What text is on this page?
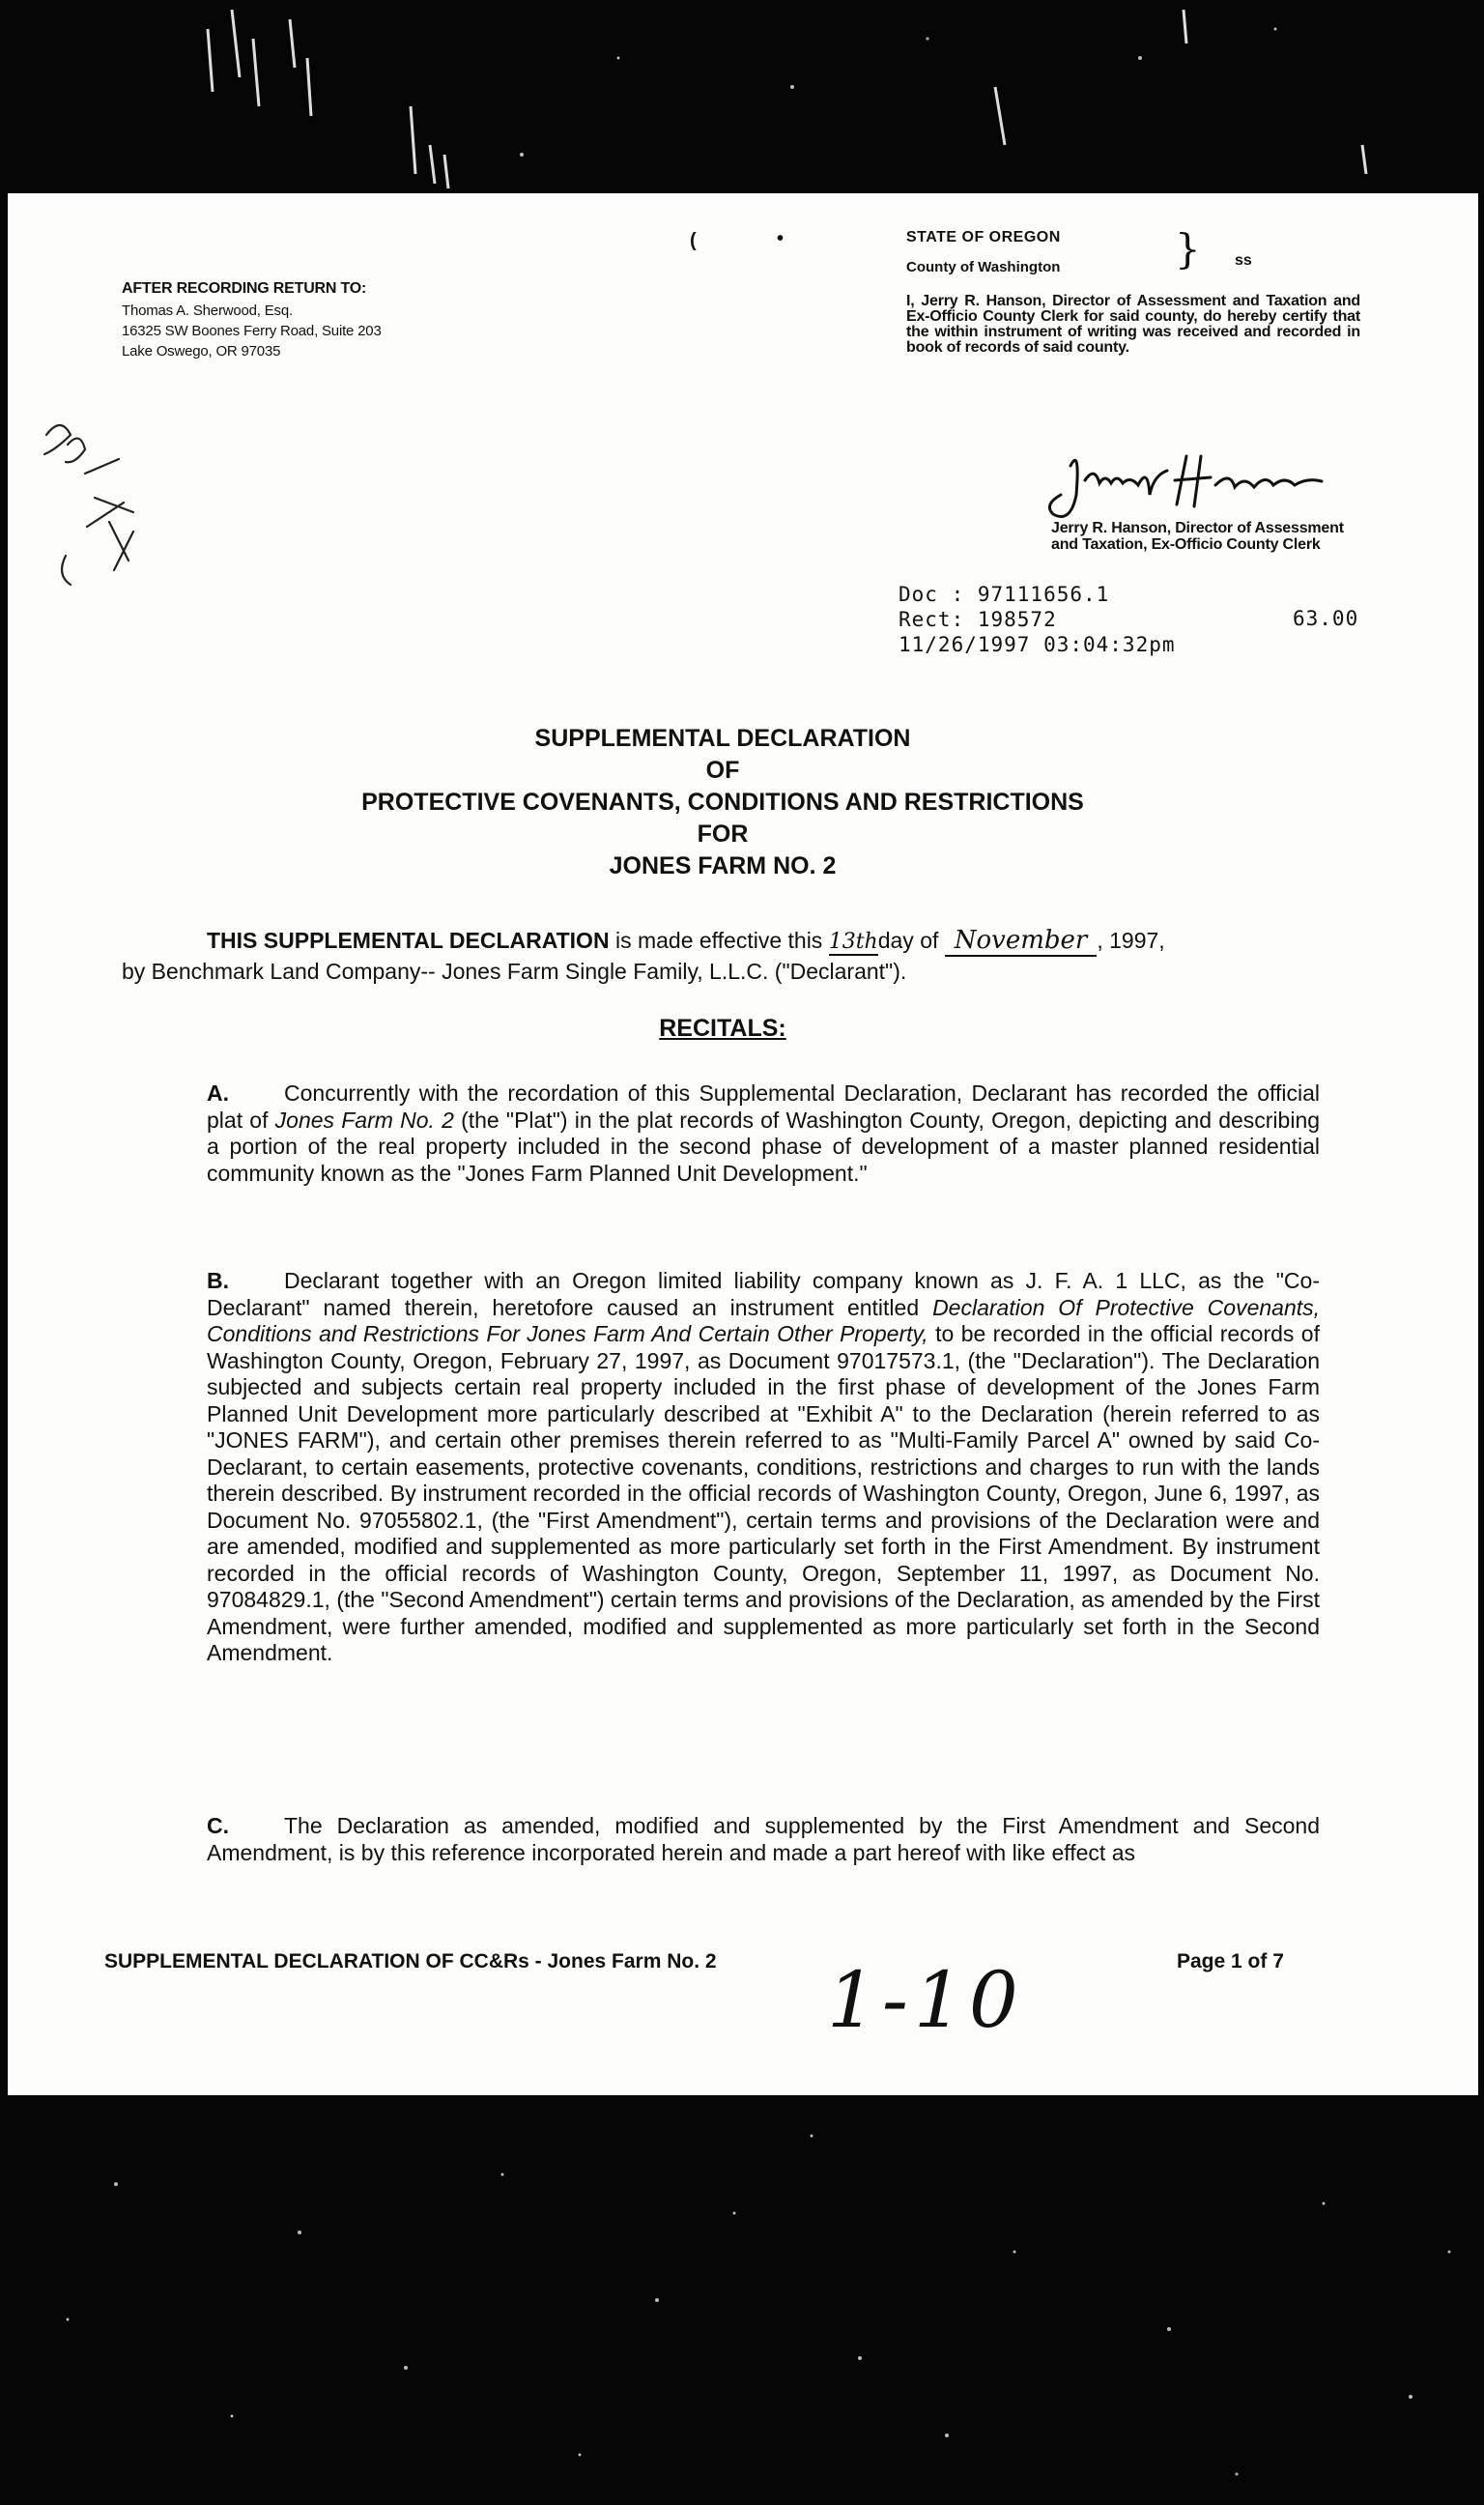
(	•
AFTER RECORDING RETURN TO:
Thomas A. Sherwood, Esq.
16325 SW Boones Ferry Road, Suite 203
Lake Oswego, OR 97035
STATE OF OREGON
County of Washington	} ss
I, Jerry R. Hanson, Director of Assessment and Taxation and Ex-Officio County Clerk for said county, do hereby certify that the within instrument of writing was received and recorded in book of records of said county.
Jerry R. Hanson, Director of Assessment and Taxation, Ex-Officio County Clerk
Doc : 97111656.1
Rect: 198572
11/26/1997 03:04:32pm
63.00
SUPPLEMENTAL DECLARATION
OF
PROTECTIVE COVENANTS, CONDITIONS AND RESTRICTIONS
FOR
JONES FARM NO. 2
THIS SUPPLEMENTAL DECLARATION is made effective this 13thday of November , 1997,
by Benchmark Land Company-- Jones Farm Single Family, L.L.C. ("Declarant").
RECITALS:
A. Concurrently with the recordation of this Supplemental Declaration, Declarant has recorded the official plat of Jones Farm No. 2 (the "Plat") in the plat records of Washington County, Oregon, depicting and describing a portion of the real property included in the second phase of development of a master planned residential community known as the "Jones Farm Planned Unit Development."
B. Declarant together with an Oregon limited liability company known as J. F. A. 1 LLC, as the "Co-Declarant" named therein, heretofore caused an instrument entitled Declaration Of Protective Covenants, Conditions and Restrictions For Jones Farm And Certain Other Property, to be recorded in the official records of Washington County, Oregon, February 27, 1997, as Document 97017573.1, (the "Declaration"). The Declaration subjected and subjects certain real property included in the first phase of development of the Jones Farm Planned Unit Development more particularly described at "Exhibit A" to the Declaration (herein referred to as "JONES FARM"), and certain other premises therein referred to as "Multi-Family Parcel A" owned by said Co-Declarant, to certain easements, protective covenants, conditions, restrictions and charges to run with the lands therein described. By instrument recorded in the official records of Washington County, Oregon, June 6, 1997, as Document No. 97055802.1, (the "First Amendment"), certain terms and provisions of the Declaration were and are amended, modified and supplemented as more particularly set forth in the First Amendment. By instrument recorded in the official records of Washington County, Oregon, September 11, 1997, as Document No. 97084829.1, (the "Second Amendment") certain terms and provisions of the Declaration, as amended by the First Amendment, were further amended, modified and supplemented as more particularly set forth in the Second Amendment.
C. The Declaration as amended, modified and supplemented by the First Amendment and Second Amendment, is by this reference incorporated herein and made a part hereof with like effect as
SUPPLEMENTAL DECLARATION OF CC&Rs - Jones Farm No. 2	Page 1 of 7
1-10
